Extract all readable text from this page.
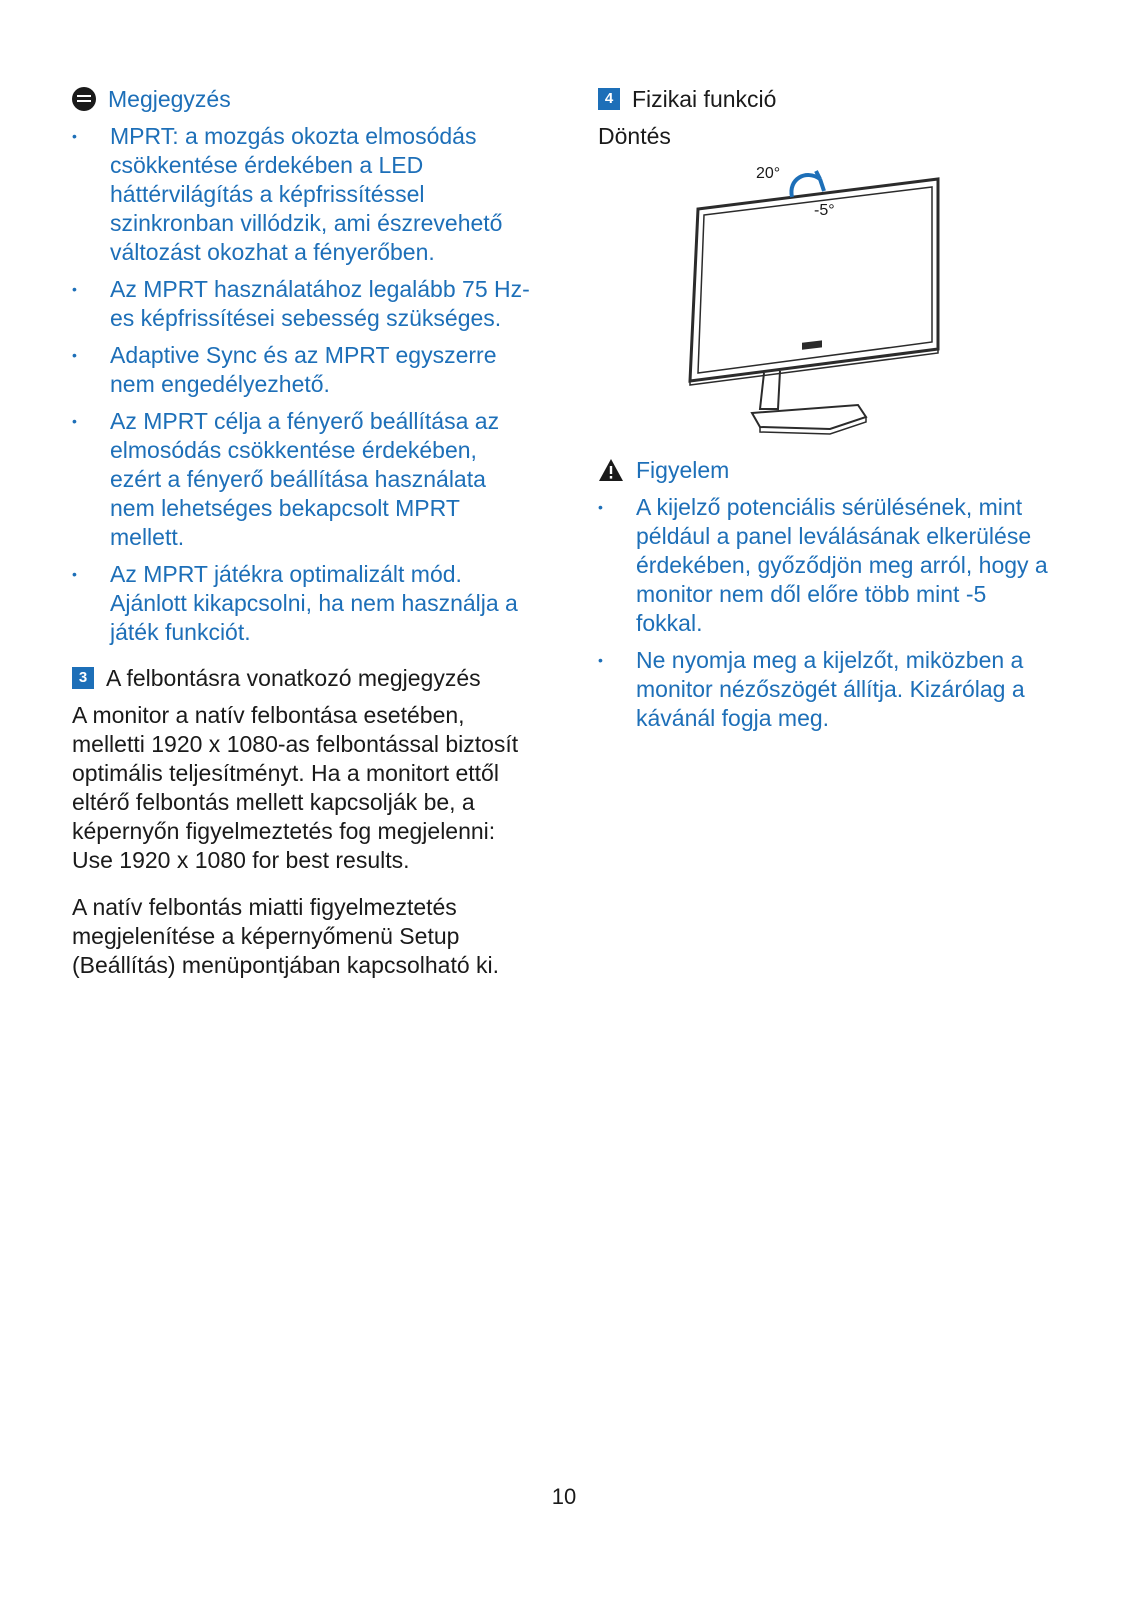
Megjegyzés
• MPRT: a mozgás okozta elmosódás csökkentése érdekében a LED háttérvilágítás a képfrissítéssel szinkronban villódzik, ami észrevehető változást okozhat a fényerőben.
• Az MPRT használatához legalább 75 Hz-es képfrissítései sebesség szükséges.
• Adaptive Sync és az MPRT egyszerre nem engedélyezhető.
• Az MPRT célja a fényerő beállítása az elmosódás csökkentése érdekében, ezért a fényerő beállítása használata nem lehetséges bekapcsolt MPRT mellett.
• Az MPRT játékra optimalizált mód. Ajánlott kikapcsolni, ha nem használja a játék funkciót.
3 A felbontásra vonatkozó megjegyzés

A monitor a natív felbontása esetében, melletti 1920 x 1080-as felbontással biztosít optimális teljesítményt. Ha a monitort ettől eltérő felbontás mellett kapcsolják be, a képernyőn figyelmeztetés fog megjelenni: Use 1920 x 1080 for best results.

A natív felbontás miatti figyelmeztetés megjelenítése a képernyőmenü Setup (Beállítás) menüpontjában kapcsolható ki.

4 Fizikai funkció

Döntés

20°
-5°
Figyelem
• A kijelző potenciális sérülésének, mint például a panel leválásának elkerülése érdekében, győződjön meg arról, hogy a monitor nem dől előre több mint -5 fokkal.
• Ne nyomja meg a kijelzőt, miközben a monitor nézőszögét állítja. Kizárólag a kávánál fogja meg.
10
